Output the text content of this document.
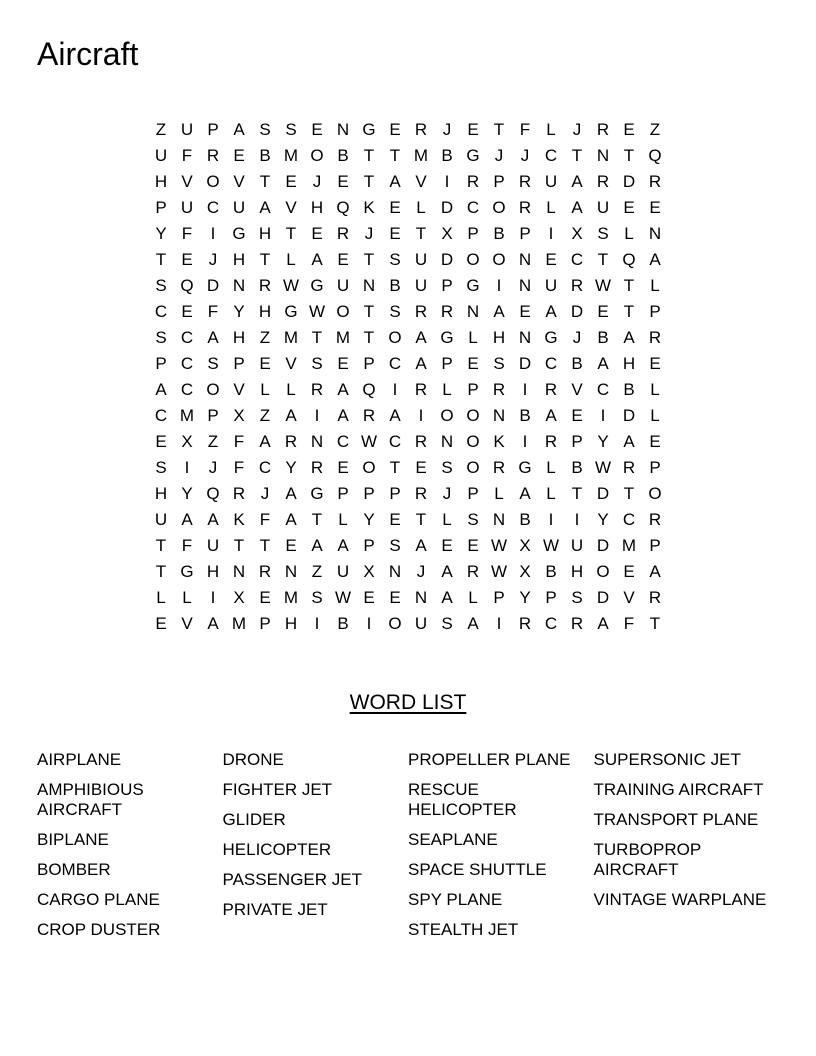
Aircraft
Z U P A S S E N G E R J E T F L	J R E Z
U F R E B M O B T T M B G J	J C T N T Q
H V O V T E J E T A V	I	R P R U A R D R
P U C U A V H Q K E L D C O R L A U E E
Y F	I	G H T E R J E T X P B P	I	X S L N
T E J H T L A E T S U D O O N E C T Q A
S Q D N R W G U N B U P G	I	N U R W T L
C E F Y H G W O T S R R N A E A D E T P
S C A H Z M T M T O A G L H N G J B A R
P C S P E V S E P C A P E S D C B A H E
A C O V L L R A Q	I	R L P R	I	R V C B L
C M P X Z A	I	A R A	I	O O N B A E	I	D L
E X Z F A R N C W C R N O K	I	R P Y A E
S	I	J F C Y R E O T E S O R G L B W R P
H Y Q R J A G P P P R J P L A L T D T O
U A A K F A T L Y E T L S N B	I	I	Y C R
T F U T T E A A P S A E E W X W U D M P
T G H N R N Z U X N J A R W X B H O E A
L L	I	X E M S W E E N A L P Y P S D V R
E V A M P H	I	B	I	O U S A	I	R C R A F T
WORD LIST
AIRPLANE
AMPHIBIOUS AIRCRAFT
BIPLANE
BOMBER
CARGO PLANE
CROP DUSTER
DRONE
FIGHTER JET
GLIDER
HELICOPTER
PASSENGER JET
PRIVATE JET
PROPELLER PLANE
RESCUE HELICOPTER
SEAPLANE
SPACE SHUTTLE
SPY PLANE
STEALTH JET
SUPERSONIC JET
TRAINING AIRCRAFT
TRANSPORT PLANE
TURBOPROP AIRCRAFT
VINTAGE WARPLANE
